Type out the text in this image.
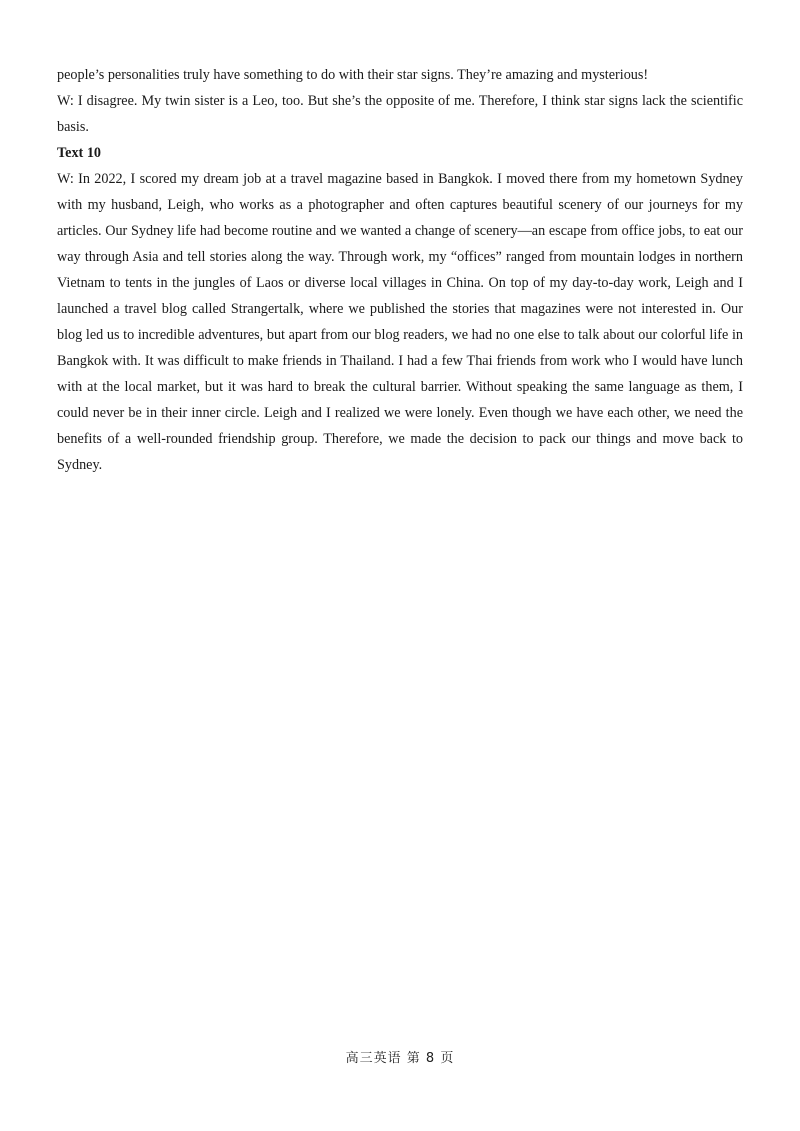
people’s personalities truly have something to do with their star signs. They’re amazing and mysterious!

W: I disagree. My twin sister is a Leo, too. But she’s the opposite of me. Therefore, I think star signs lack the scientific basis.

Text 10

W: In 2022, I scored my dream job at a travel magazine based in Bangkok. I moved there from my hometown Sydney with my husband, Leigh, who works as a photographer and often captures beautiful scenery of our journeys for my articles. Our Sydney life had become routine and we wanted a change of scenery—an escape from office jobs, to eat our way through Asia and tell stories along the way. Through work, my “offices” ranged from mountain lodges in northern Vietnam to tents in the jungles of Laos or diverse local villages in China. On top of my day-to-day work, Leigh and I launched a travel blog called Strangertalk, where we published the stories that magazines were not interested in. Our blog led us to incredible adventures, but apart from our blog readers, we had no one else to talk about our colorful life in Bangkok with. It was difficult to make friends in Thailand. I had a few Thai friends from work who I would have lunch with at the local market, but it was hard to break the cultural barrier. Without speaking the same language as them, I could never be in their inner circle. Leigh and I realized we were lonely. Even though we have each other, we need the benefits of a well-rounded friendship group. Therefore, we made the decision to pack our things and move back to Sydney.

高三英语 第 8 页
